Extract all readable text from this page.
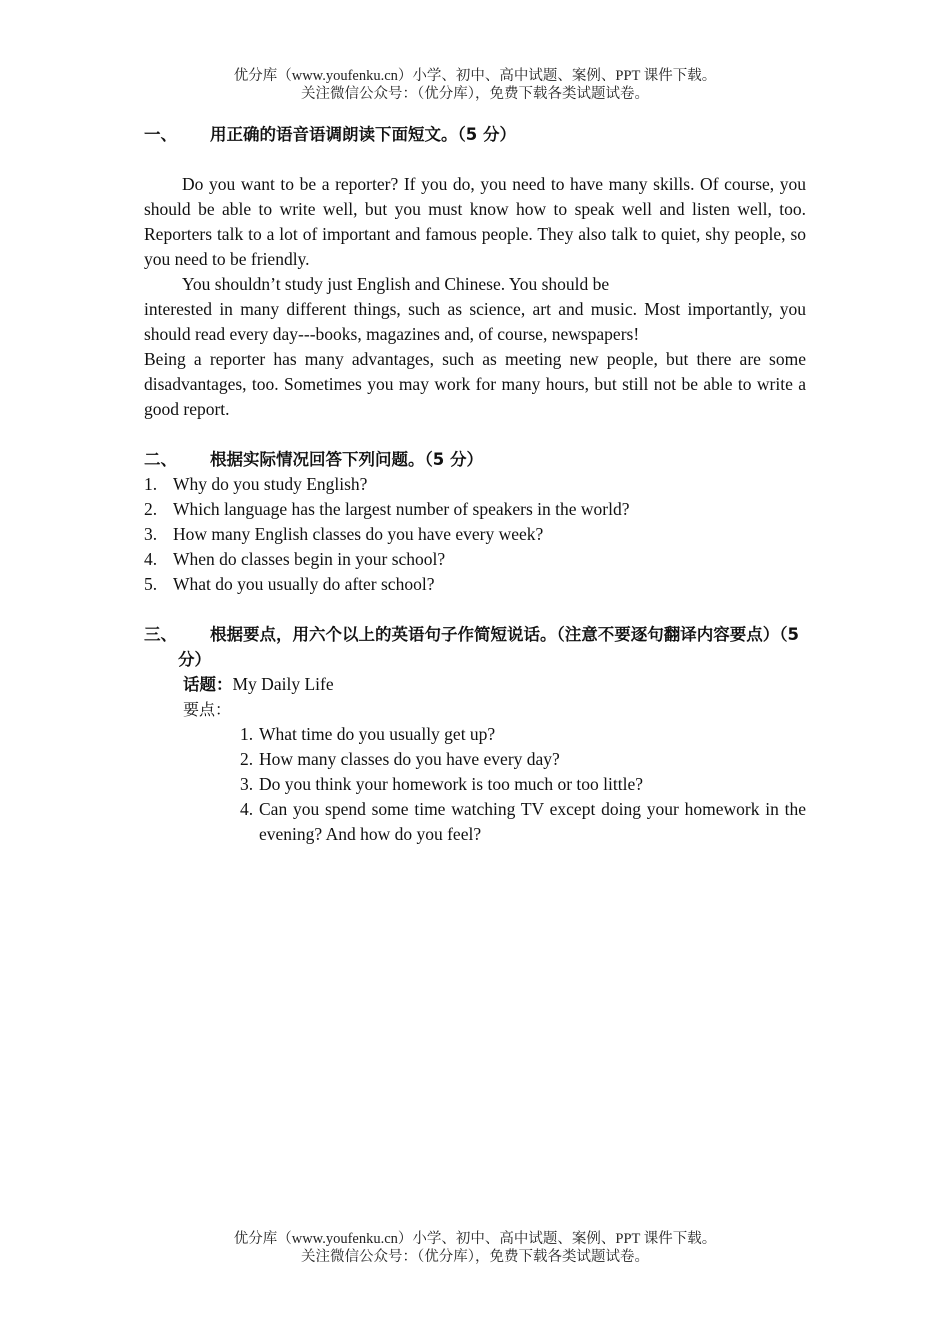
优分库（www.youfenku.cn）小学、初中、高中试题、案例、PPT 课件下载。
关注微信公众号：（优分库），免费下载各类试题试卷。
一、	用正确的语音语调朗读下面短文。（5 分）
Do you want to be a reporter? If you do, you need to have many skills. Of course, you should be able to write well, but you must know how to speak well and listen well, too. Reporters talk to a lot of important and famous people. They also talk to quiet, shy people, so you need to be friendly.
You shouldn’t study just English and Chinese. You should be
interested in many different things, such as science, art and music. Most importantly, you should read every day---books, magazines and, of course, newspapers!
Being a reporter has many advantages, such as meeting new people, but there are some disadvantages, too. Sometimes you may work for many hours, but still not be able to write a good report.
二、	根据实际情况回答下列问题。（5 分）
1. Why do you study English?
2. Which language has the largest number of speakers in the world?
3. How many English classes do you have every week?
4. When do classes begin in your school?
5. What do you usually do after school?
三、 根据要点，用六个以上的英语句子作简短说话。（注意不要逐句翻译内容要点）（5 分）
话题：My Daily Life
要点：
1. What time do you usually get up?
2. How many classes do you have every day?
3. Do you think your homework is too much or too little?
4. Can you spend some time watching TV except doing your homework in the evening? And how do you feel?
优分库（www.youfenku.cn）小学、初中、高中试题、案例、PPT 课件下载。
关注微信公众号：（优分库），免费下载各类试题试卷。
